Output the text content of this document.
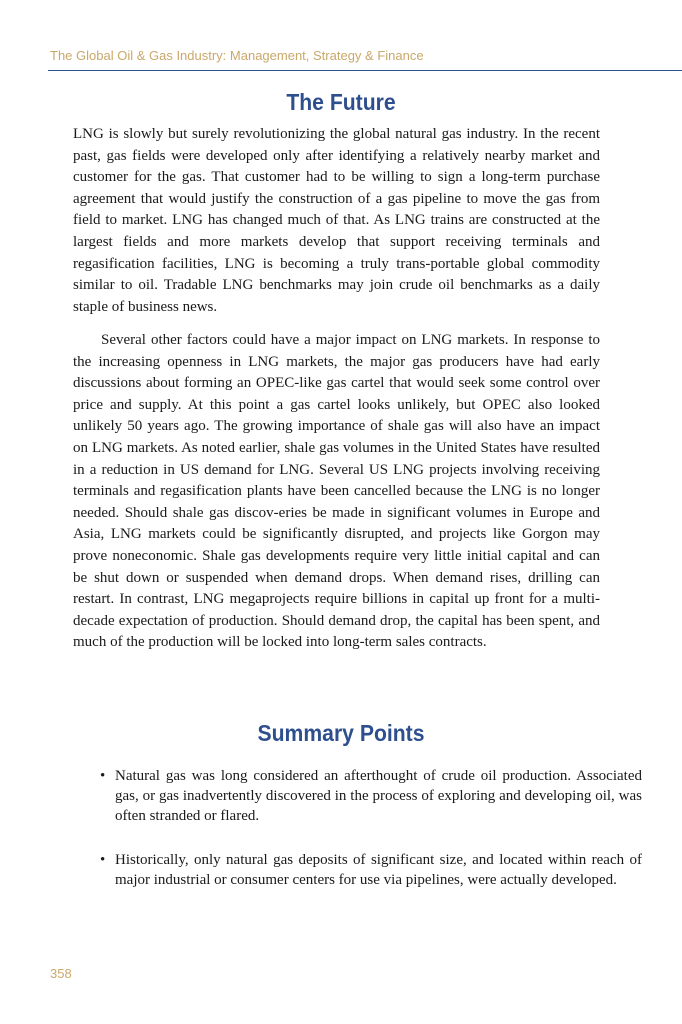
The Global Oil & Gas Industry: Management, Strategy & Finance
The Future

LNG is slowly but surely revolutionizing the global natural gas industry. In the recent past, gas fields were developed only after identifying a relatively nearby market and customer for the gas. That customer had to be willing to sign a long-term purchase agreement that would justify the construction of a gas pipeline to move the gas from field to market. LNG has changed much of that. As LNG trains are constructed at the largest fields and more markets develop that support receiving terminals and regasification facilities, LNG is becoming a truly trans-portable global commodity similar to oil. Tradable LNG benchmarks may join crude oil benchmarks as a daily staple of business news.

Several other factors could have a major impact on LNG markets. In response to the increasing openness in LNG markets, the major gas producers have had early discussions about forming an OPEC-like gas cartel that would seek some control over price and supply. At this point a gas cartel looks unlikely, but OPEC also looked unlikely 50 years ago. The growing importance of shale gas will also have an impact on LNG markets. As noted earlier, shale gas volumes in the United States have resulted in a reduction in US demand for LNG. Several US LNG projects involving receiving terminals and regasification plants have been cancelled because the LNG is no longer needed. Should shale gas discov-eries be made in significant volumes in Europe and Asia, LNG markets could be significantly disrupted, and projects like Gorgon may prove noneconomic. Shale gas developments require very little initial capital and can be shut down or suspended when demand drops. When demand rises, drilling can restart. In contrast, LNG megaprojects require billions in capital up front for a multi-decade expectation of production. Should demand drop, the capital has been spent, and much of the production will be locked into long-term sales contracts.

Summary Points
• Natural gas was long considered an afterthought of crude oil production. Associated gas, or gas inadvertently discovered in the process of exploring and developing oil, was often stranded or flared.
• Historically, only natural gas deposits of significant size, and located within reach of major industrial or consumer centers for use via pipelines, were actually developed.
358
